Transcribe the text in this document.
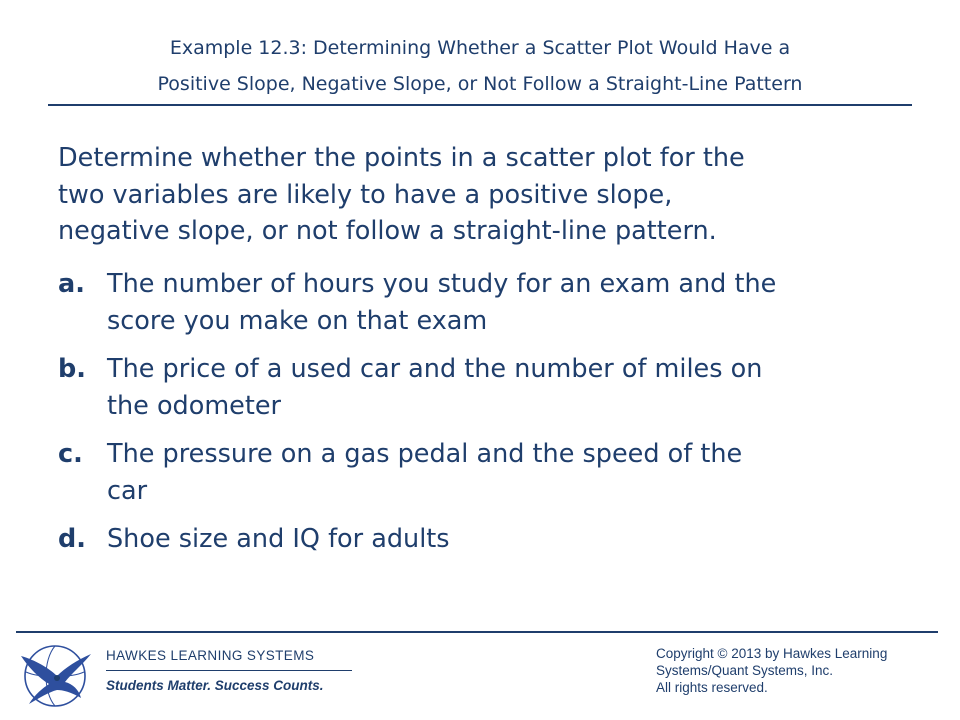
Example 12.3: Determining Whether a Scatter Plot Would Have a
Positive Slope, Negative Slope, or Not Follow a Straight-Line Pattern
Determine whether the points in a scatter plot for the
two variables are likely to have a positive slope,
negative slope, or not follow a straight-line pattern.
a. The number of hours you study for an exam and the
score you make on that exam
b. The price of a used car and the number of miles on
the odometer
c. The pressure on a gas pedal and the speed of the
car
d. Shoe size and IQ for adults
HAWKES LEARNING SYSTEMS
Students Matter. Success Counts.
Copyright © 2013 by Hawkes Learning
Systems/Quant Systems, Inc.
All rights reserved.
